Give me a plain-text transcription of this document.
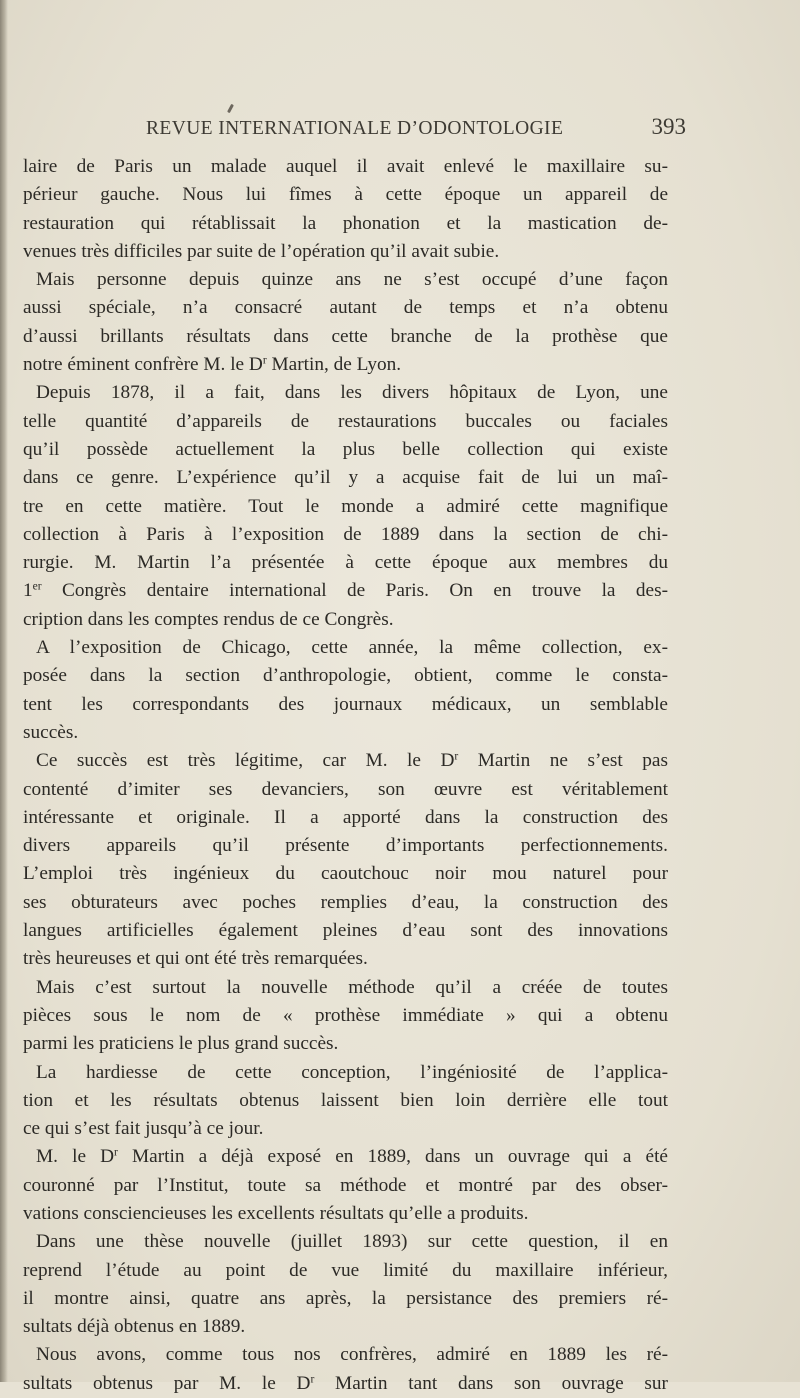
REVUE INTERNATIONALE D’ODONTOLOGIE	393

laire de Paris un malade auquel il avait enlevé le maxillaire su-

périeur gauche. Nous lui fîmes à cette époque un appareil de

restauration qui rétablissait la phonation et la mastication de-

venues très difficiles par suite de l’opération qu’il avait subie.

Mais personne depuis quinze ans ne s’est occupé d’une façon

aussi spéciale, n’a consacré autant de temps et n’a obtenu

d’aussi brillants résultats dans cette branche de la prothèse que

notre éminent confrère M. le $D^r$ Martin, de Lyon.

Depuis 1878, il a fait, dans les divers hôpitaux de Lyon, une

telle quantité d’appareils de restaurations buccales ou faciales

qu’il possède actuellement la plus belle collection qui existe

dans ce genre. L’expérience qu’il y a acquise fait de lui un maî-

tre en cette matière. Tout le monde a admiré cette magnifique

collection à Paris à l’exposition de 1889 dans la section de chi-

rurgie. M. Martin l’a présentée à cette époque aux membres du

1er Congrès dentaire international de Paris. On en trouve la des-

cription dans les comptes rendus de ce Congrès.

A l’exposition de Chicago, cette année, la même collection, ex-

posée dans la section d’anthropologie, obtient, comme le consta-

tent les correspondants des journaux médicaux, un semblable

succès.

Ce succès est très légitime, car M. le $D^r$ Martin ne s’est pas

contenté d’imiter ses devanciers, son œuvre est véritablement

intéressante et originale. Il a apporté dans la construction des

divers appareils qu’il présente d’importants perfectionnements.

L’emploi très ingénieux du caoutchouc noir mou naturel pour

ses obturateurs avec poches remplies d’eau, la construction des

langues artificielles également pleines d’eau sont des innovations

très heureuses et qui ont été très remarquées.

Mais c’est surtout la nouvelle méthode qu’il a créée de toutes

pièces sous le nom de « prothèse immédiate » qui a obtenu

parmi les praticiens le plus grand succès.

La hardiesse de cette conception, l’ingéniosité de l’applica-

tion et les résultats obtenus laissent bien loin derrière elle tout

ce qui s’est fait jusqu’à ce jour.

M. le $D^r$ Martin a déjà exposé en 1889, dans un ouvrage qui a été

couronné par l’Institut, toute sa méthode et montré par des obser-

vations consciencieuses les excellents résultats qu’elle a produits.

Dans une thèse nouvelle (juillet 1893) sur cette question, il en

reprend l’étude au point de vue limité du maxillaire inférieur,

il montre ainsi, quatre ans après, la persistance des premiers ré-

sultats déjà obtenus en 1889.

Nous avons, comme tous nos confrères, admiré en 1889 les ré-

sultats obtenus par M. le $D^r$ Martin tant dans son ouvrage sur
